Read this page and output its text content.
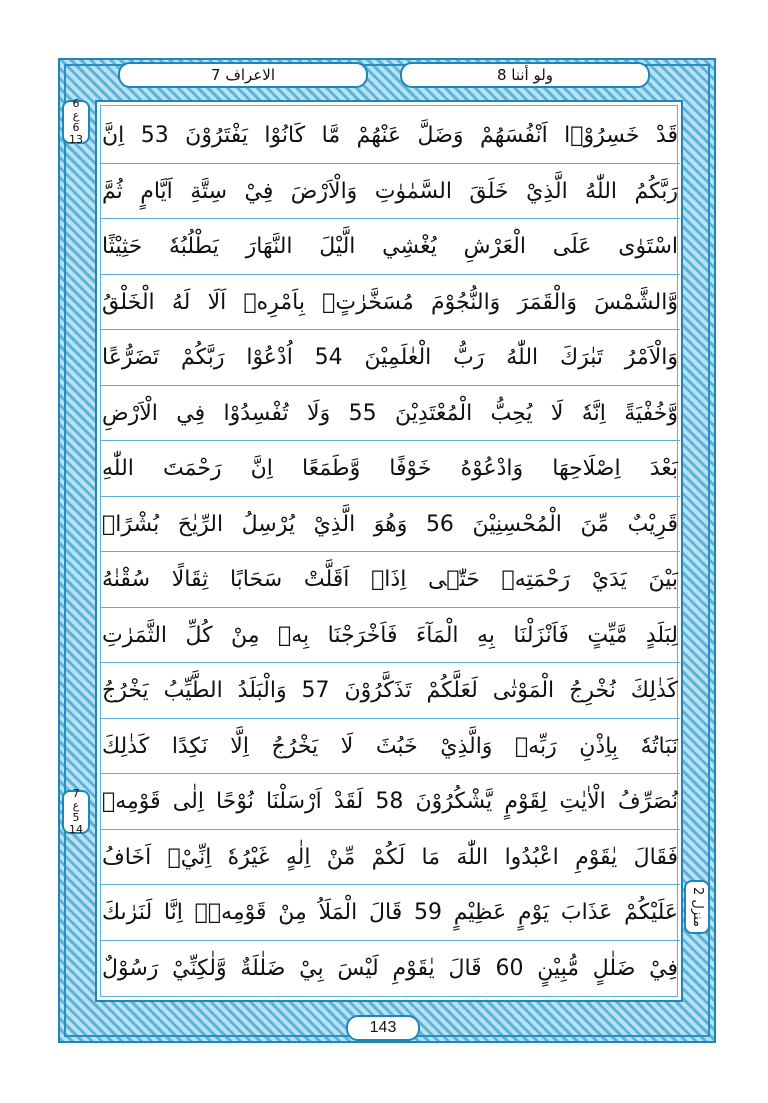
الاعراف 7	ولو أننا 8
6
ع
6
13
7
ع
5
14
منزل 2
قَدْ خَسِرُوْۤا اَنْفُسَهُمْ وَضَلَّ عَنْهُمْ مَّا كَانُوْا يَفْتَرُوْنَ 53 اِنَّ
رَبَّكُمُ اللّٰهُ الَّذِيْ خَلَقَ السَّمٰوٰتِ وَالْاَرْضَ فِيْ سِتَّةِ اَيَّامٍ ثُمَّ
اسْتَوٰى عَلَى الْعَرْشِ يُغْشِي الَّيْلَ النَّهَارَ يَطْلُبُهٗ حَثِيْثًا
وَّالشَّمْسَ وَالْقَمَرَ وَالنُّجُوْمَ مُسَخَّرٰتٍۭ بِاَمْرِهٖ اَلَا لَهُ الْخَلْقُ
وَالْاَمْرُ تَبٰرَكَ اللّٰهُ رَبُّ الْعٰلَمِيْنَ 54 اُدْعُوْا رَبَّكُمْ تَضَرُّعًا
وَّخُفْيَةً اِنَّهٗ لَا يُحِبُّ الْمُعْتَدِيْنَ 55 وَلَا تُفْسِدُوْا فِي الْاَرْضِ
بَعْدَ اِصْلَاحِهَا وَادْعُوْهُ خَوْفًا وَّطَمَعًا اِنَّ رَحْمَتَ اللّٰهِ
قَرِيْبٌ مِّنَ الْمُحْسِنِيْنَ 56 وَهُوَ الَّذِيْ يُرْسِلُ الرِّيٰحَ بُشْرًاۢ
بَيْنَ يَدَيْ رَحْمَتِهٖ حَتّٰۤى اِذَاۤ اَقَلَّتْ سَحَابًا ثِقَالًا سُقْنٰهُ
لِبَلَدٍ مَّيِّتٍ فَاَنْزَلْنَا بِهِ الْمَآءَ فَاَخْرَجْنَا بِهٖ مِنْ كُلِّ الثَّمَرٰتِ
كَذٰلِكَ نُخْرِجُ الْمَوْتٰى لَعَلَّكُمْ تَذَكَّرُوْنَ 57 وَالْبَلَدُ الطَّيِّبُ يَخْرُجُ
نَبَاتُهٗ بِاِذْنِ رَبِّهٖ وَالَّذِيْ خَبُثَ لَا يَخْرُجُ اِلَّا نَكِدًا كَذٰلِكَ
نُصَرِّفُ الْاٰيٰتِ لِقَوْمٍ يَّشْكُرُوْنَ 58 لَقَدْ اَرْسَلْنَا نُوْحًا اِلٰى قَوْمِهٖ
فَقَالَ يٰقَوْمِ اعْبُدُوا اللّٰهَ مَا لَكُمْ مِّنْ اِلٰهٍ غَيْرُهٗ اِنِّيْۤ اَخَافُ
عَلَيْكُمْ عَذَابَ يَوْمٍ عَظِيْمٍ 59 قَالَ الْمَلَاُ مِنْ قَوْمِهٖۤ اِنَّا لَنَرٰىكَ
فِيْ ضَلٰلٍ مُّبِيْنٍ 60 قَالَ يٰقَوْمِ لَيْسَ بِيْ ضَلٰلَةٌ وَّلٰكِنِّيْ رَسُوْلٌ
143
